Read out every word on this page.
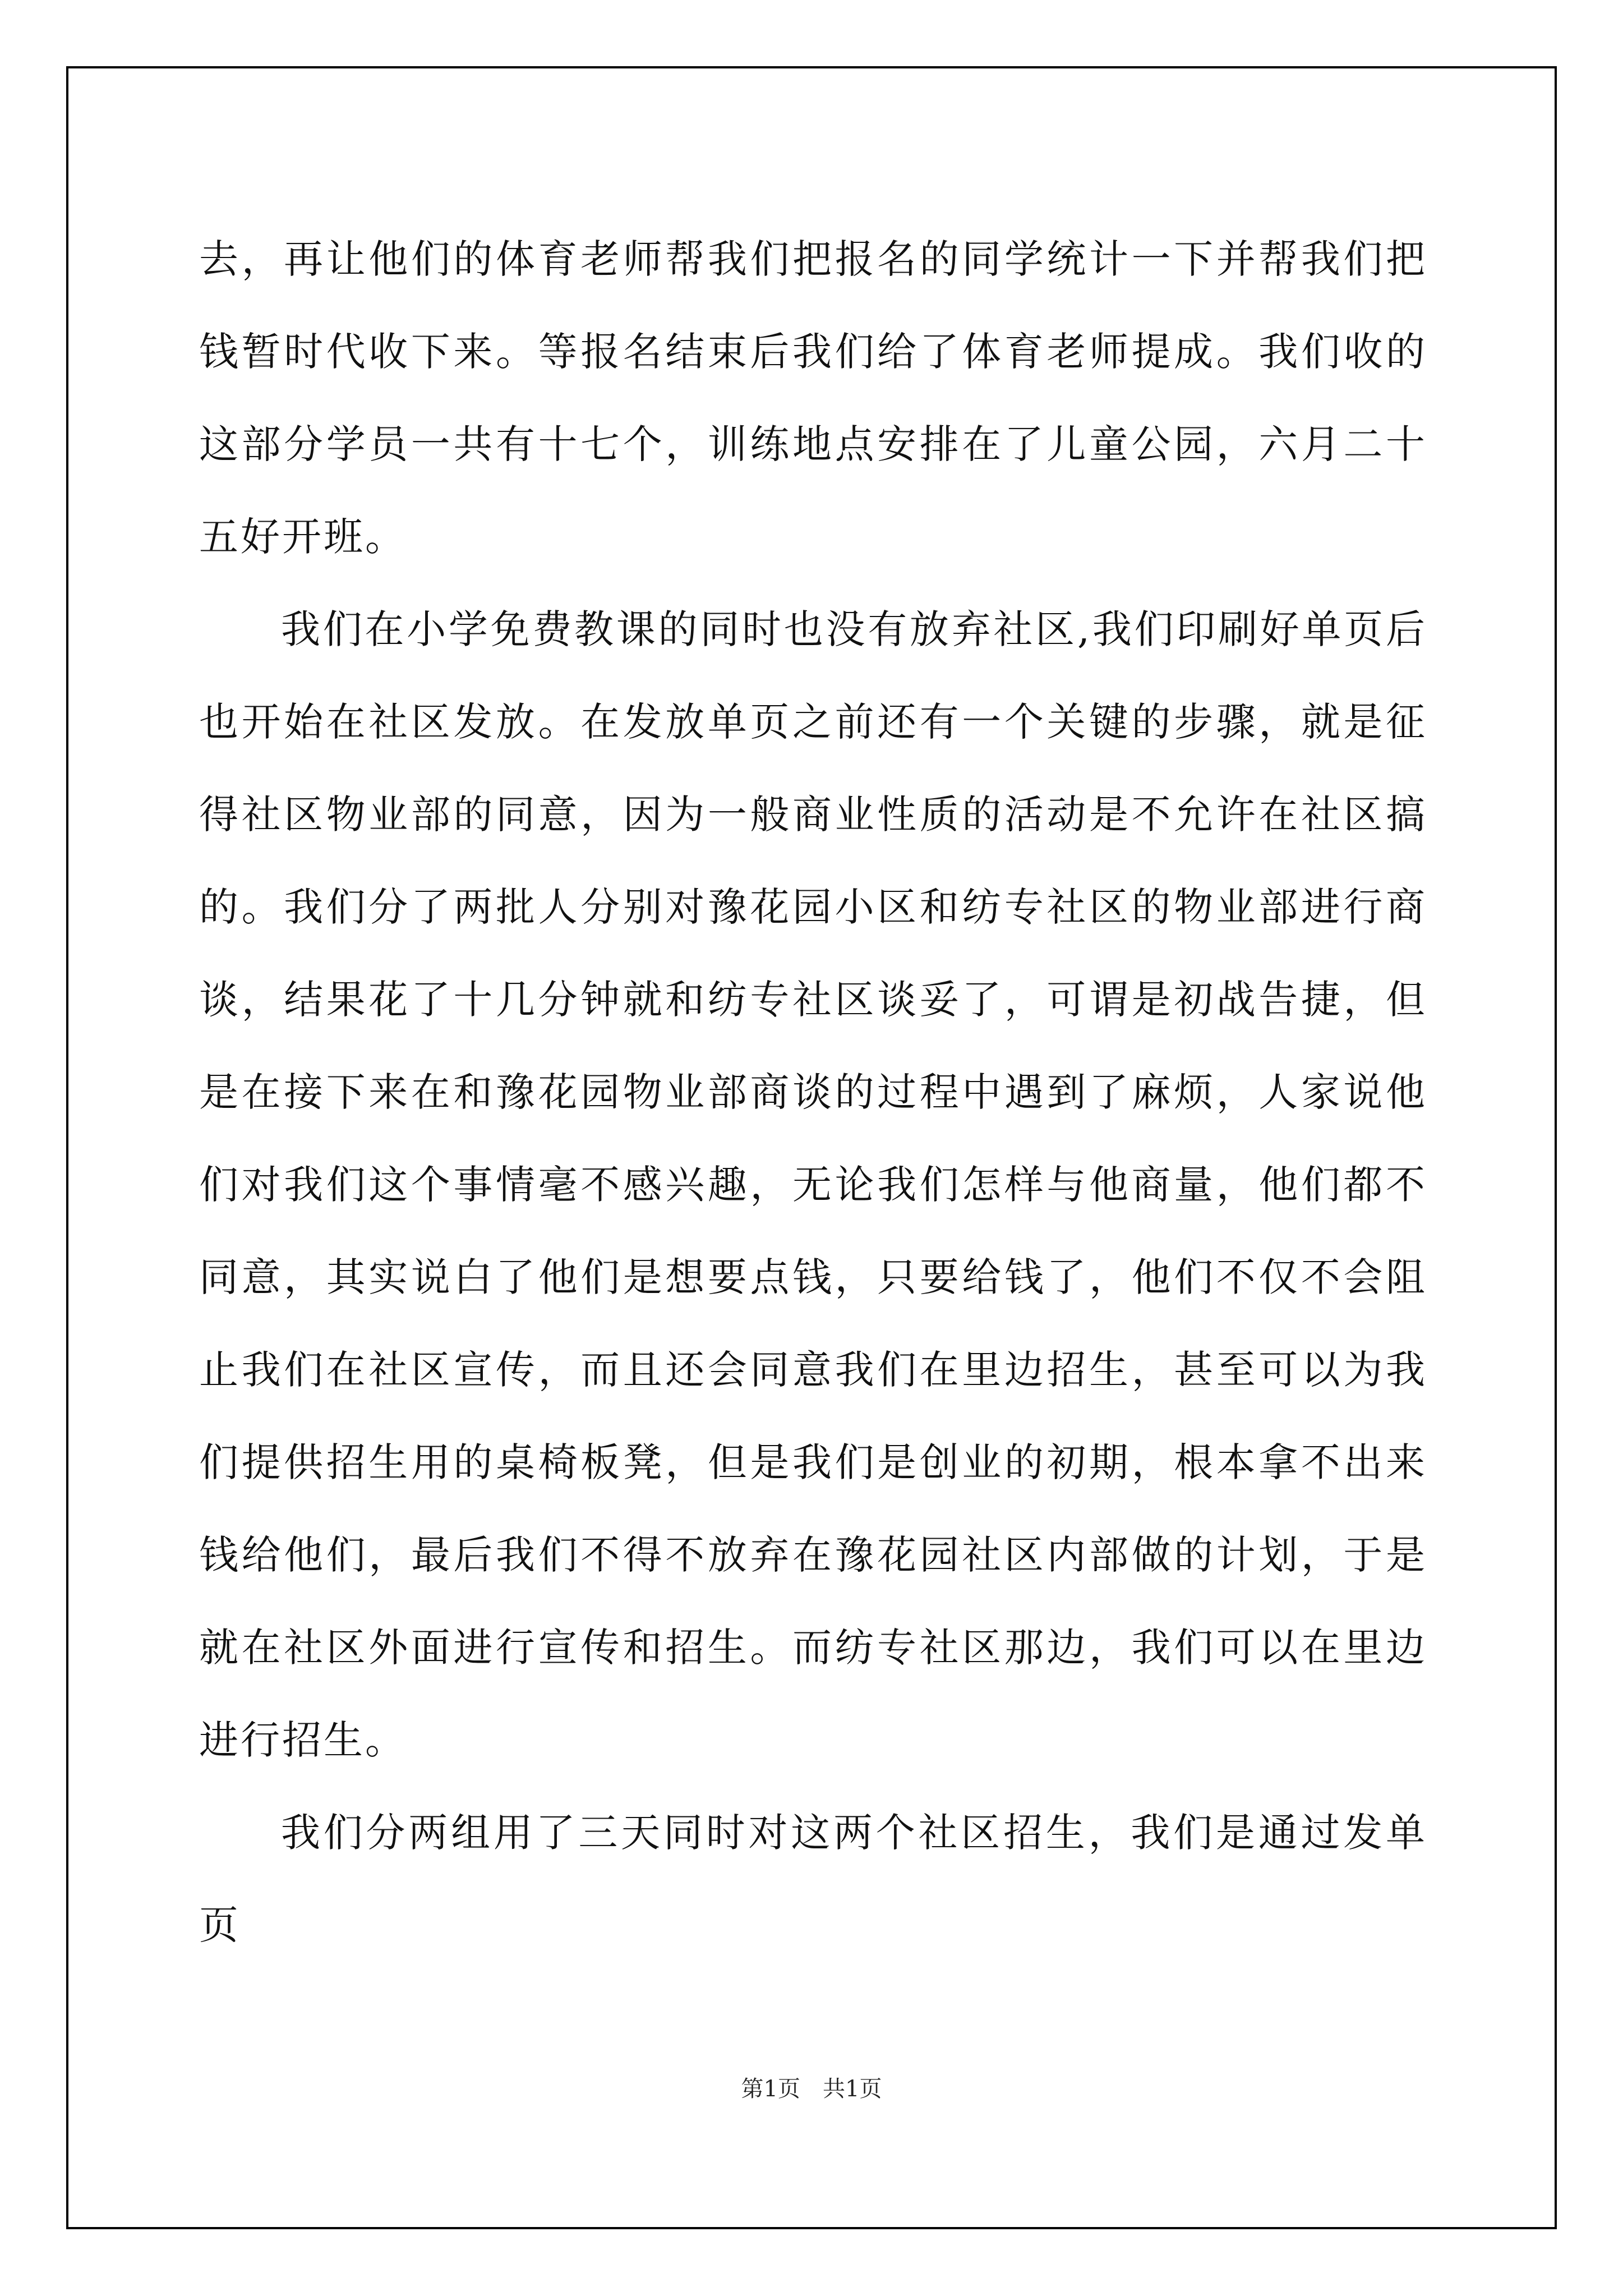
去，再让他们的体育老师帮我们把报名的同学统计一下并帮我们把钱暂时代收下来。等报名结束后我们给了体育老师提成。我们收的这部分学员一共有十七个，训练地点安排在了儿童公园，六月二十五好开班。

我们在小学免费教课的同时也没有放弃社区,我们印刷好单页后也开始在社区发放。在发放单页之前还有一个关键的步骤，就是征得社区物业部的同意，因为一般商业性质的活动是不允许在社区搞的。我们分了两批人分别对豫花园小区和纺专社区的物业部进行商谈，结果花了十几分钟就和纺专社区谈妥了，可谓是初战告捷，但是在接下来在和豫花园物业部商谈的过程中遇到了麻烦，人家说他们对我们这个事情毫不感兴趣，无论我们怎样与他商量，他们都不同意，其实说白了他们是想要点钱，只要给钱了，他们不仅不会阻止我们在社区宣传，而且还会同意我们在里边招生，甚至可以为我们提供招生用的桌椅板凳，但是我们是创业的初期，根本拿不出来钱给他们，最后我们不得不放弃在豫花园社区内部做的计划，于是就在社区外面进行宣传和招生。而纺专社区那边，我们可以在里边进行招生。

我们分两组用了三天同时对这两个社区招生，我们是通过发单页

第1页　共1页
